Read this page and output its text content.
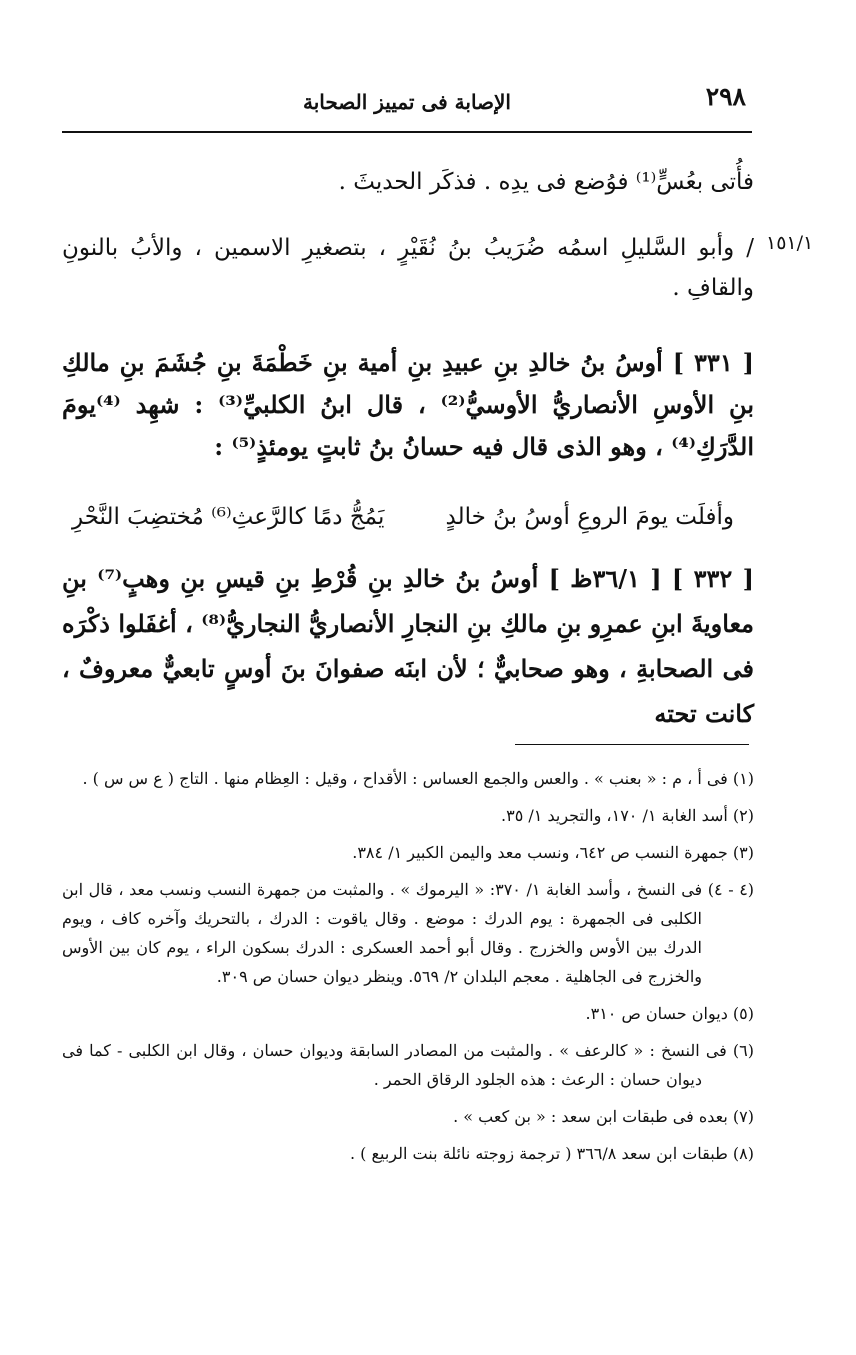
٢٩٨
الإصابة فى تمييز الصحابة
١٥١/١
فأُتى بعُسٍّ⁽¹⁾ فوُضع فى يدِه . فذكَر الحديثَ .
/ وأبو السَّليلِ اسمُه ضُرَيبُ بنُ نُقَيْرٍ ، بتصغيرِ الاسمين ، والأبُ بالنونِ والقافِ .
[ ٣٣١ ] أوسُ بنُ خالدِ بنِ عبيدِ بنِ أمية بنِ خَطْمَةَ بنِ جُشَمَ بنِ مالكِ بنِ الأوسِ الأنصاريُّ الأوسيُّ⁽²⁾ ، قال ابنُ الكلبيِّ⁽³⁾ : شهِد ⁽⁴⁾يومَ الدَّرَكِ⁽⁴⁾ ، وهو الذى قال فيه حسانُ بنُ ثابتٍ يومئذٍ⁽⁵⁾ :
وأفلَت يومَ الروعِ أوسُ بنُ خالدٍ
يَمُجُّ دمًا كالرَّعثِ⁽⁶⁾ مُختضِبَ النَّحْرِ
[ ٣٣٢ ] [ ٣٦/١ظ ] أوسُ بنُ خالدِ بنِ قُرْطِ بنِ قيسِ بنِ وهبٍ⁽⁷⁾ بنِ معاويةَ ابنِ عمرِو بنِ مالكِ بنِ النجارِ الأنصاريُّ النجاريُّ⁽⁸⁾ ، أغفَلوا ذكْرَه فى الصحابةِ ، وهو صحابيٌّ ؛ لأن ابنَه صفوانَ بنَ أوسٍ تابعيٌّ معروفٌ ، كانت تحته

(١) فى أ ، م : « بعنب » . والعس والجمع العساس : الأقداح ، وقيل : العِظام منها . التاج ( ع س س ) .

(٢) أسد الغابة ١/ ١٧٠، والتجريد ١/ ٣٥.

(٣) جمهرة النسب ص ٦٤٢، ونسب معد واليمن الكبير ١/ ٣٨٤.

(٤ - ٤) فى النسخ ، وأسد الغابة ١/ ٣٧٠: « اليرموك » . والمثبت من جمهرة النسب ونسب معد ، قال ابن الكلبى فى الجمهرة : يوم الدرك : موضع . وقال ياقوت : الدرك ، بالتحريك وآخره كاف ، ويوم الدرك بين الأوس والخزرج . وقال أبو أحمد العسكرى : الدرك بسكون الراء ، يوم كان بين الأوس والخزرج فى الجاهلية . معجم البلدان ٢/ ٥٦٩. وينظر ديوان حسان ص ٣٠٩.

(٥) ديوان حسان ص ٣١٠.

(٦) فى النسخ : « كالرعف » . والمثبت من المصادر السابقة وديوان حسان ، وقال ابن الكلبى - كما فى ديوان حسان : الرعث : هذه الجلود الرقاق الحمر .

(٧) بعده فى طبقات ابن سعد : « بن كعب » .

(٨) طبقات ابن سعد ٣٦٦/٨ ( ترجمة زوجته نائلة بنت الربيع ) .
